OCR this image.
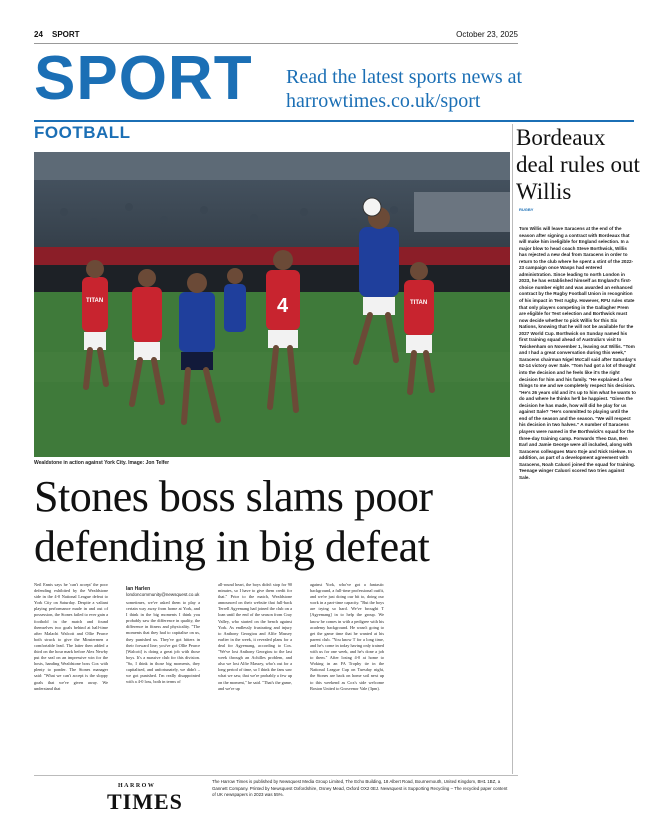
24 SPORT	October 23, 2025
SPORT Read the latest sports news at
harrowtimes.co.uk/sport
FOOTBALL
TITAN	4	TITAN
Wealdstone in action against York City. Image: Jon Telfer
Stones boss slams poor defending in big defeat
Neil Ennis says he 'can't accept' the poor defending exhibited by the Wealdstone side in the 4-0 National League defeat to York City on Saturday. Despite a valiant playing performance made in and out of possession, the Stones failed to ever gain a foothold in the match and found themselves two goals behind at half-time after Malachi Walcott and Ollie Pearce both struck to give the Minstermen a comfortable lead. The latter then added a third on the hour mark before Alex Newby put the seal on an impressive win for the hosts, handing Wealdstone boss Cox with plenty to ponder. The Stones manager said: "What we can't accept is the sloppy goals that we've given away. We understand that
Ian Harlen
londoncommunity@newsquest.co.uk
sometimes, we've asked them to play a certain way away from home at York, and I think in the big moments I think you probably saw the difference in quality, the difference in fitness and physicality. "The moments that they had to capitalise on us, they punished us. They've got hitters in their forward line; you've got Ollie Pearce [Walcott] is doing a great job with those boys. It's a massive club for this division. "So, I think in those big moments, they capitalised, and unfortunately, we didn't – we got punished. I'm really disappointed with a 4-0 loss, both in terms of
all-round heart, the boys didn't stop for 90 minutes, so I have to give them credit for that." Prior to the match, Wealdstone announced on their website that full-back Terrell Agyemang had joined the club on a loan until the end of the season from Cray Valley, who started on the bench against York. As endlessly frustrating and injury to Anthony Georgiou and Alfie Massey earlier in the week, it revealed plans for a deal for Agyemang, according to Cox. "We've lost Anthony Georgiou to the last week through an Achilles problem, and also we lost Alfie Massey, who's out for a long period of time, so I think the fans saw what we saw, that we're probably a few up on the moment," he said. "That's the game, and we're up
against York, who've got a fantastic background, a full-time professional outfit, and we're just doing our bit to, doing our work in a part-time capacity. "But the boys are trying so hard. We've brought T [Agyemang] in to help the group. We know he comes in with a pedigree with his academy background. He wasn't going to get the game time that he wanted at his parent club. "You know T for a long time, and he's come in today having only trained with us for one week, and he's done a job to them." After losing 4-0 at home to Woking in an FA Trophy tie in the National League Cup on Tuesday night, the Stones are back on home soil next up to this weekend as Cox's side welcome Boston United to Grosvenor Vale (3pm).
Bordeaux deal rules out Willis
RUGBY
Tom Willis will leave Saracens at the end of the season after signing a contract with Bordeaux that will make him ineligible for England selection. In a major blow to head coach Steve Borthwick, Willis has rejected a new deal from Saracens in order to return to the club where he spent a stint of the 2022-23 campaign once Wasps had entered administration. Since leading to north London in 2023, he has established himself as England's first-choice number eight and was awarded an enhanced contract by the Rugby Football Union in recognition of his impact in Test rugby. However, RFU rules state that only players competing in the Gallagher Prem are eligible for Test selection and Borthwick must now decide whether to pick Willis for this Six Nations, knowing that he will not be available for the 2027 World Cup. Borthwick on Sunday named his first training squad ahead of Australia's visit to Twickenham on November 1, leaving out Willis. "Tom and I had a great conversation during this week," Saracens chairman Nigel McCall said after Saturday's 62-14 victory over Sale. "Tom had got a lot of thought into the decision and he feels like it's the right decision for him and his family. "He explained a few things to me and we completely respect his decision. "He's 26 years old and it's up to him what he wants to do and where he thinks he'll be happiest. "Given the decision he has made, how will did he play for us against Sale? "He's committed to playing until the end of the season and the season. "We will respect his decision in two halves." A number of Saracens players were named in the Borthwick's squad for the three-day training camp. Forwards Theo Dan, Ben Earl and Jamie George were all included, along with Saracens colleagues Maro Itoje and Nick Isiekwe. In addition, as part of a development agreement with Saracens, Noah Caluori joined the squad for training. Teenage winger Caluori scored two tries against Sale.
HARROW
TIMES
The Harrow Times is published by Newsquest Media Group Limited, The Echo Building, 18 Albert Road, Bournemouth, United Kingdom, BH1 1BZ, a Gannett Company. Printed by Newsquest Oxfordshire, Osney Mead, Oxford OX2 0EJ. Newsquest is Supporting Recycling – The recycled paper content of UK newspapers in 2023 was 55%.
